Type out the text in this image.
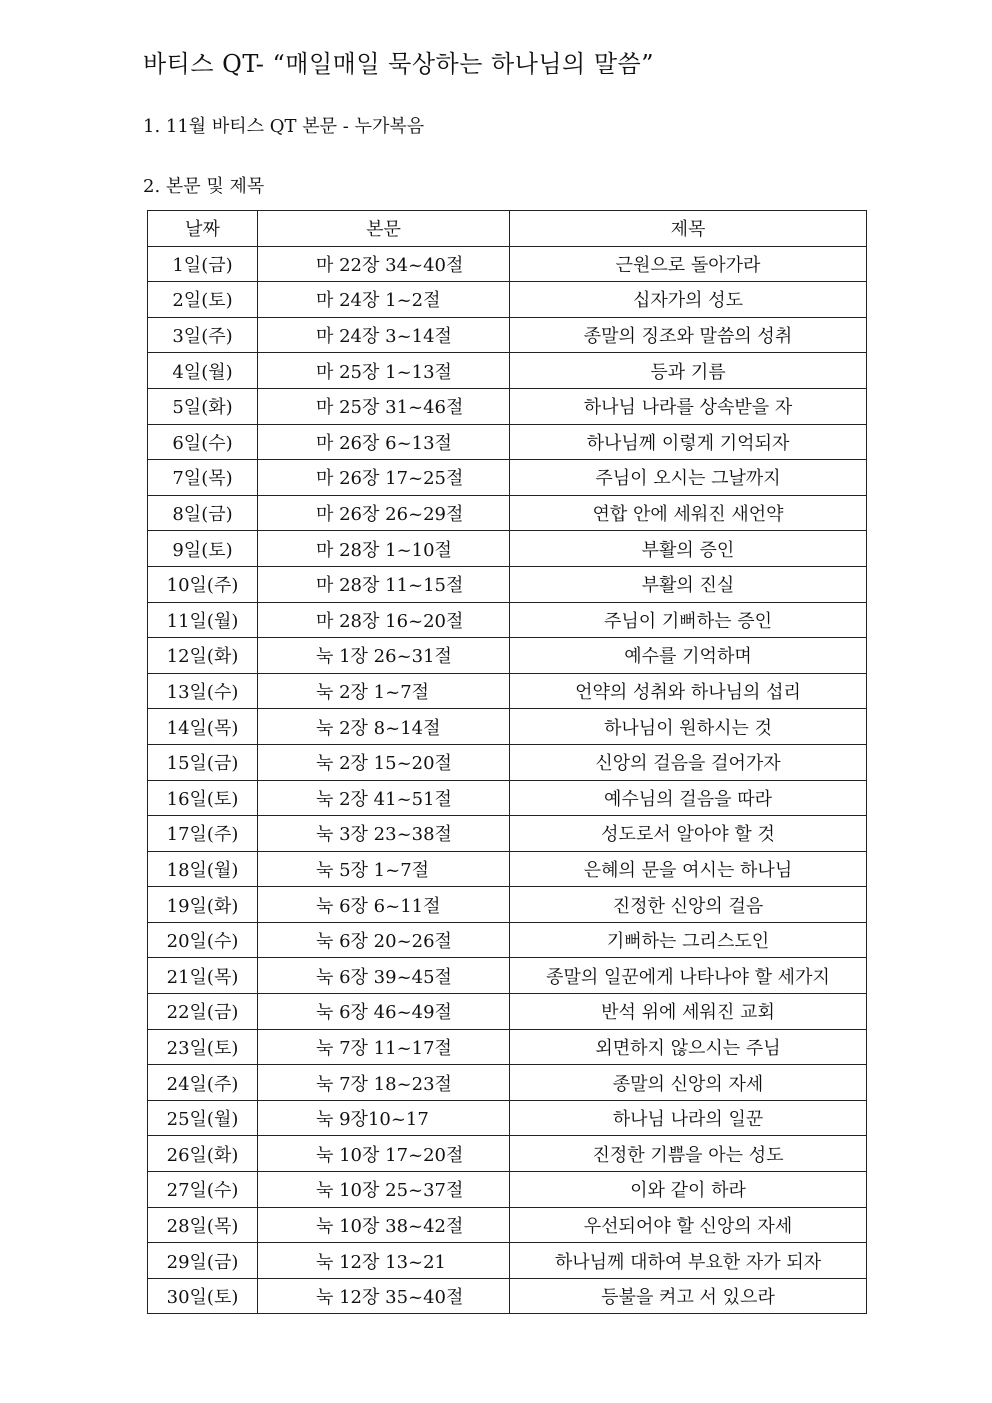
바티스 QT- “매일매일 묵상하는 하나님의 말씀”
1. 11월 바티스 QT 본문 - 누가복음
2. 본문 및 제목
날짜	본문	제목
1일(금)	마 22장 34~40절	근원으로 돌아가라
2일(토)	마 24장 1~2절	십자가의 성도
3일(주)	마 24장 3~14절	종말의 징조와 말씀의 성취
4일(월)	마 25장 1~13절	등과 기름
5일(화)	마 25장 31~46절	하나님 나라를 상속받을 자
6일(수)	마 26장 6~13절	하나님께 이렇게 기억되자
7일(목)	마 26장 17~25절	주님이 오시는 그날까지
8일(금)	마 26장 26~29절	연합 안에 세워진 새언약
9일(토)	마 28장 1~10절	부활의 증인
10일(주)	마 28장 11~15절	부활의 진실
11일(월)	마 28장 16~20절	주님이 기뻐하는 증인
12일(화)	눅 1장 26~31절	예수를 기억하며
13일(수)	눅 2장 1~7절	언약의 성취와 하나님의 섭리
14일(목)	눅 2장 8~14절	하나님이 원하시는 것
15일(금)	눅 2장 15~20절	신앙의 걸음을 걸어가자
16일(토)	눅 2장 41~51절	예수님의 걸음을 따라
17일(주)	눅 3장 23~38절	성도로서 알아야 할 것
18일(월)	눅 5장 1~7절	은혜의 문을 여시는 하나님
19일(화)	눅 6장 6~11절	진정한 신앙의 걸음
20일(수)	눅 6장 20~26절	기뻐하는 그리스도인
21일(목)	눅 6장 39~45절	종말의 일꾼에게 나타나야 할 세가지
22일(금)	눅 6장 46~49절	반석 위에 세워진 교회
23일(토)	눅 7장 11~17절	외면하지 않으시는 주님
24일(주)	눅 7장 18~23절	종말의 신앙의 자세
25일(월)	눅 9장10~17	하나님 나라의 일꾼
26일(화)	눅 10장 17~20절	진정한 기쁨을 아는 성도
27일(수)	눅 10장 25~37절	이와 같이 하라
28일(목)	눅 10장 38~42절	우선되어야 할 신앙의 자세
29일(금)	눅 12장 13~21	하나님께 대하여 부요한 자가 되자
30일(토)	눅 12장 35~40절	등불을 켜고 서 있으라
